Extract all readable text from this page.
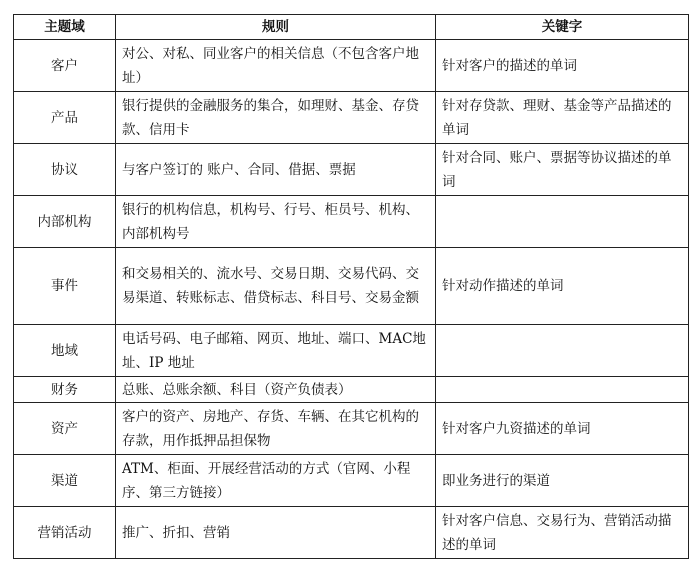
主题域	规则	关键字
客户	对公、对私、同业客户的相关信息（不包含客户地址）	针对客户的描述的单词
产品	银行提供的金融服务的集合，如理财、基金、存贷款、信用卡	针对存贷款、理财、基金等产品描述的单词
协议	与客户签订的 账户、合同、借据、票据	针对合同、账户、票据等协议描述的单词
内部机构	银行的机构信息，机构号、行号、柜员号、机构、内部机构号	
事件	和交易相关的、流水号、交易日期、交易代码、交易渠道、转账标志、借贷标志、科目号、交易金额	针对动作描述的单词
地域	电话号码、电子邮箱、网页、地址、端口、MAC地址、IP 地址	
财务	总账、总账余额、科目（资产负债表）	
资产	客户的资产、房地产、存货、车辆、在其它机构的存款，用作抵押品担保物	针对客户九资描述的单词
渠道	ATM、柜面、开展经营活动的方式（官网、小程序、第三方链接）	即业务进行的渠道
营销活动	推广、折扣、营销	针对客户信息、交易行为、营销活动描述的单词
